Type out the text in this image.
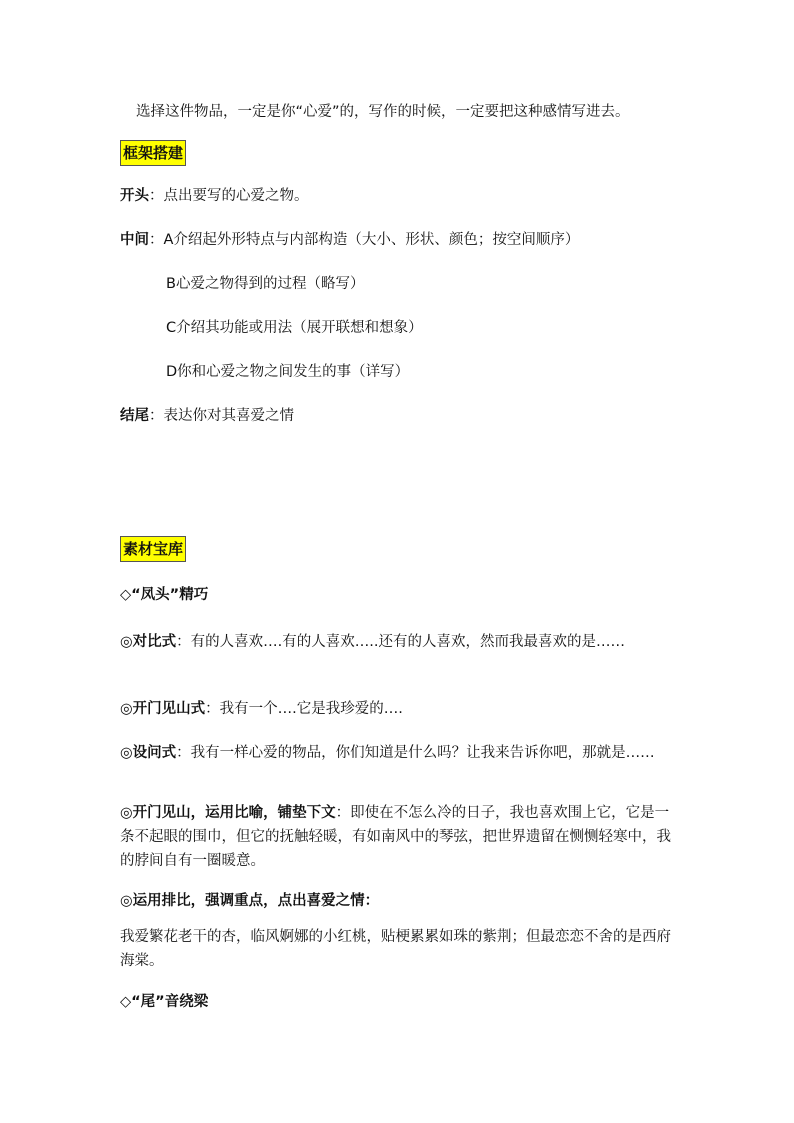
选择这件物品，一定是你“心爱”的，写作的时候，一定要把这种感情写进去。
框架搭建
开头：点出要写的心爱之物。
中间：A介绍起外形特点与内部构造（大小、形状、颜色；按空间顺序）
B心爱之物得到的过程（略写）
C介绍其功能或用法（展开联想和想象）
D你和心爱之物之间发生的事（详写）
结尾：表达你对其喜爱之情
素材宝库
◇“凤头”精巧
◎对比式：有的人喜欢….有的人喜欢…..还有的人喜欢，然而我最喜欢的是……
◎开门见山式：我有一个….它是我珍爱的….
◎设问式：我有一样心爱的物品，你们知道是什么吗？让我来告诉你吧，那就是……
◎开门见山，运用比喻，铺垫下文：即使在不怎么冷的日子，我也喜欢围上它，它是一条不起眼的围巾，但它的抚触轻暖，有如南风中的琴弦，把世界遗留在恻恻轻寒中，我的脖间自有一圈暖意。
◎运用排比，强调重点，点出喜爱之情：
我爱繁花老干的杏，临风婀娜的小红桃，贴梗累累如珠的紫荆；但最恋恋不舍的是西府海棠。
◇“尾”音绕梁
